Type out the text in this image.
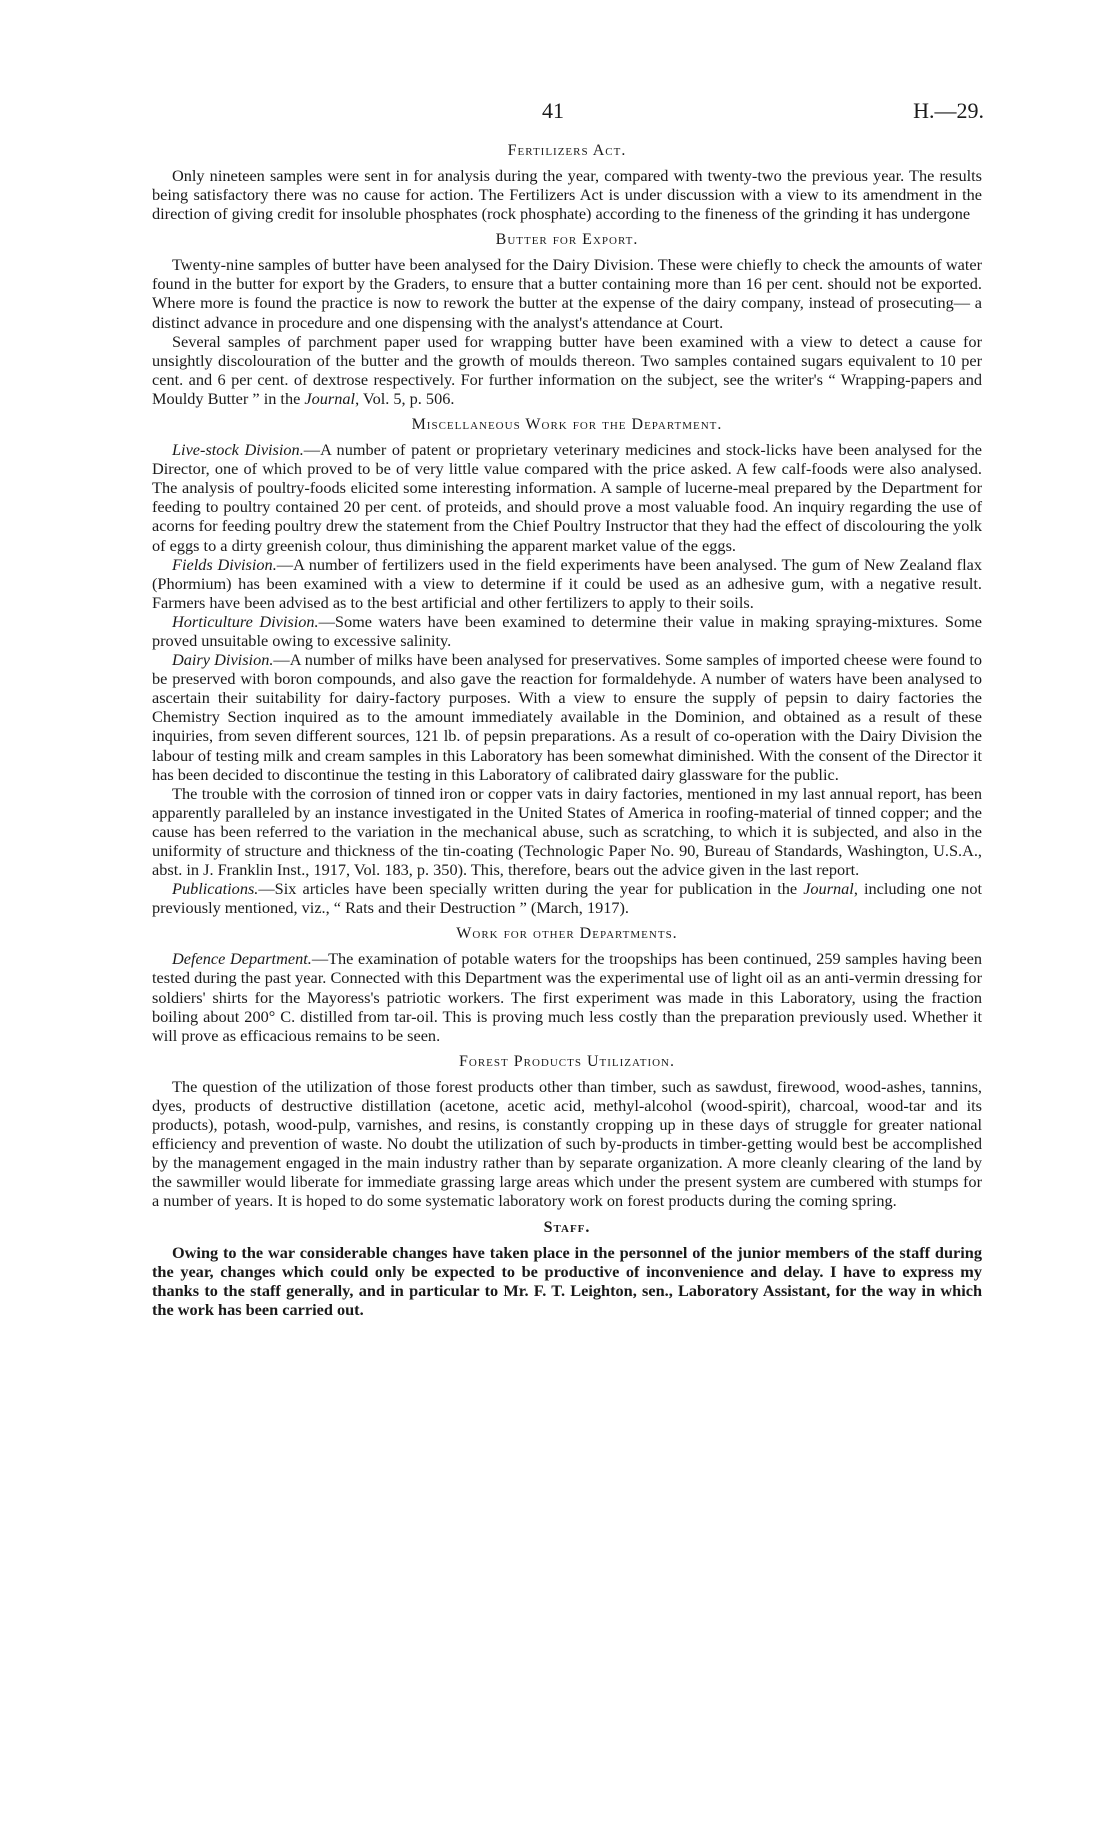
41	H.—29.
Fertilizers Act.

Only nineteen samples were sent in for analysis during the year, compared with twenty-two the previous year. The results being satisfactory there was no cause for action. The Fertilizers Act is under discussion with a view to its amendment in the direction of giving credit for insoluble phosphates (rock phosphate) according to the fineness of the grinding it has undergone

Butter for Export.

Twenty-nine samples of butter have been analysed for the Dairy Division. These were chiefly to check the amounts of water found in the butter for export by the Graders, to ensure that a butter containing more than 16 per cent. should not be exported. Where more is found the practice is now to rework the butter at the expense of the dairy company, instead of prosecuting— a distinct advance in procedure and one dispensing with the analyst's attendance at Court.

Several samples of parchment paper used for wrapping butter have been examined with a view to detect a cause for unsightly discolouration of the butter and the growth of moulds thereon. Two samples contained sugars equivalent to 10 per cent. and 6 per cent. of dextrose respectively. For further information on the subject, see the writer's “ Wrapping-papers and Mouldy Butter ” in the Journal, Vol. 5, p. 506.

Miscellaneous Work for the Department.

Live-stock Division.—A number of patent or proprietary veterinary medicines and stock-licks have been analysed for the Director, one of which proved to be of very little value compared with the price asked. A few calf-foods were also analysed. The analysis of poultry-foods elicited some interesting information. A sample of lucerne-meal prepared by the Department for feeding to poultry contained 20 per cent. of proteids, and should prove a most valuable food. An inquiry regarding the use of acorns for feeding poultry drew the statement from the Chief Poultry Instructor that they had the effect of discolouring the yolk of eggs to a dirty greenish colour, thus diminishing the apparent market value of the eggs.

Fields Division.—A number of fertilizers used in the field experiments have been analysed. The gum of New Zealand flax (Phormium) has been examined with a view to determine if it could be used as an adhesive gum, with a negative result. Farmers have been advised as to the best artificial and other fertilizers to apply to their soils.

Horticulture Division.—Some waters have been examined to determine their value in making spraying-mixtures. Some proved unsuitable owing to excessive salinity.

Dairy Division.—A number of milks have been analysed for preservatives. Some samples of imported cheese were found to be preserved with boron compounds, and also gave the reaction for formaldehyde. A number of waters have been analysed to ascertain their suitability for dairy-factory purposes. With a view to ensure the supply of pepsin to dairy factories the Chemistry Section inquired as to the amount immediately available in the Dominion, and obtained as a result of these inquiries, from seven different sources, 121 lb. of pepsin preparations. As a result of co-operation with the Dairy Division the labour of testing milk and cream samples in this Laboratory has been somewhat diminished. With the consent of the Director it has been decided to discontinue the testing in this Laboratory of calibrated dairy glassware for the public.

The trouble with the corrosion of tinned iron or copper vats in dairy factories, mentioned in my last annual report, has been apparently paralleled by an instance investigated in the United States of America in roofing-material of tinned copper; and the cause has been referred to the variation in the mechanical abuse, such as scratching, to which it is subjected, and also in the uniformity of structure and thickness of the tin-coating (Technologic Paper No. 90, Bureau of Standards, Washington, U.S.A., abst. in J. Franklin Inst., 1917, Vol. 183, p. 350). This, therefore, bears out the advice given in the last report.

Publications.—Six articles have been specially written during the year for publication in the Journal, including one not previously mentioned, viz., “ Rats and their Destruction ” (March, 1917).

Work for other Departments.

Defence Department.—The examination of potable waters for the troopships has been continued, 259 samples having been tested during the past year. Connected with this Department was the experimental use of light oil as an anti-vermin dressing for soldiers' shirts for the Mayoress's patriotic workers. The first experiment was made in this Laboratory, using the fraction boiling about 200° C. distilled from tar-oil. This is proving much less costly than the preparation previously used. Whether it will prove as efficacious remains to be seen.

Forest Products Utilization.

The question of the utilization of those forest products other than timber, such as sawdust, firewood, wood-ashes, tannins, dyes, products of destructive distillation (acetone, acetic acid, methyl-alcohol (wood-spirit), charcoal, wood-tar and its products), potash, wood-pulp, varnishes, and resins, is constantly cropping up in these days of struggle for greater national efficiency and prevention of waste. No doubt the utilization of such by-products in timber-getting would best be accomplished by the management engaged in the main industry rather than by separate organization. A more cleanly clearing of the land by the sawmiller would liberate for immediate grassing large areas which under the present system are cumbered with stumps for a number of years. It is hoped to do some systematic laboratory work on forest products during the coming spring.

Staff.

Owing to the war considerable changes have taken place in the personnel of the junior members of the staff during the year, changes which could only be expected to be productive of inconvenience and delay. I have to express my thanks to the staff generally, and in particular to Mr. F. T. Leighton, sen., Laboratory Assistant, for the way in which the work has been carried out.
